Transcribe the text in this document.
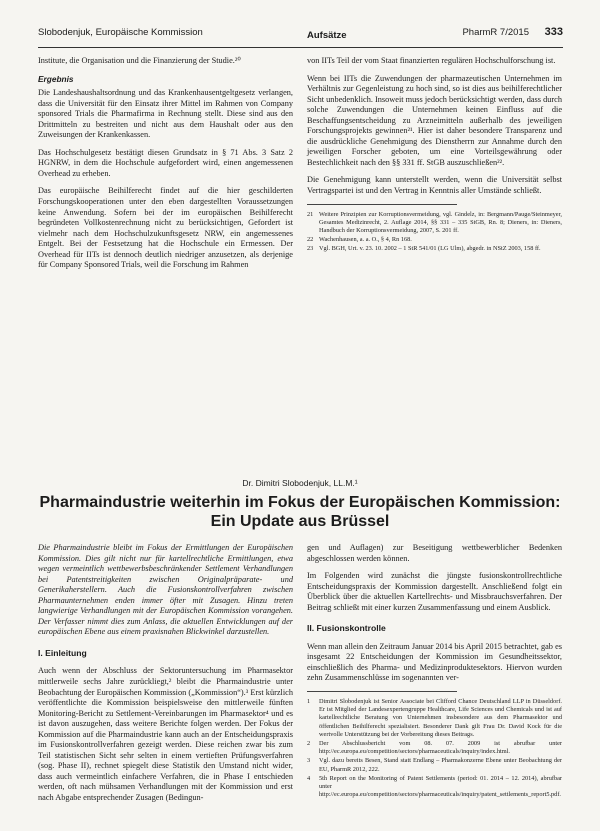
Slobodenjuk, Europäische Kommission	Aufsätze	PharmR 7/2015 333

Institute, die Organisation und die Finanzierung der Studie.²⁰

Ergebnis

Die Landeshaushaltsordnung und das Krankenhausentgeltgesetz verlangen, dass die Universität für den Einsatz ihrer Mittel im Rahmen von Company sponsored Trials die Pharmafirma in Rechnung stellt. Diese sind aus den Drittmitteln zu bestreiten und nicht aus dem Haushalt oder aus den Zuweisungen der Krankenkassen.

Das Hochschulgesetz bestätigt diesen Grundsatz in § 71 Abs. 3 Satz 2 HGNRW, in dem die Hochschule aufgefordert wird, einen angemessenen Overhead zu erheben.

Das europäische Beihilferecht findet auf die hier geschilderten Forschungskooperationen unter den eben dargestellten Voraussetzungen keine Anwendung. Sofern bei der im europäischen Beihilferecht begründeten Vollkostenrechnung nicht zu berücksichtigen, Gefordert ist vielmehr nach dem Hochschulzukunftsgesetz NRW, ein angemessenes Entgelt. Bei der Festsetzung hat die Hochschule ein Ermessen. Der Overhead für IITs ist dennoch deutlich niedriger anzusetzen, als derjenige für Company Sponsored Trials, weil die Forschung im Rahmen

von IITs Teil der vom Staat finanzierten regulären Hochschulforschung ist.

Wenn bei IITs die Zuwendungen der pharmazeutischen Unternehmen im Verhältnis zur Gegenleistung zu hoch sind, so ist dies aus beihilferechtlicher Sicht unbedenklich. Insoweit muss jedoch berücksichtigt werden, dass durch solche Zuwendungen die Unternehmen keinen Einfluss auf die Beschaffungsentscheidung zu Arzneimitteln außerhalb des jeweiligen Forschungsprojekts gewinnen²¹. Hier ist daher besondere Transparenz und die ausdrückliche Genehmigung des Dienstherrn zur Annahme durch den jeweiligen Forscher geboten, um eine Vorteilsgewährung oder Bestechlichkeit nach den §§ 331 ff. StGB auszuschließen²².

Die Genehmigung kann unterstellt werden, wenn die Universität selbst Vertragspartei ist und den Vertrag in Kenntnis aller Umstände schließt.

21 Weitere Prinzipien zur Korruptionsvermeidung, vgl. Gindelz, in: Bergmann/Pauge/Steinmeyer, Gesamtes Medizinrecht, 2. Auflage 2014, §§ 331 – 335 StGB, Rn. 8; Dieners, in: Dieners, Handbuch der Korruptionsvermeidung, 2007, S. 201 ff.
22 Wachenhausen, a. a. O., § 4, Rn 168.
23 Vgl. BGH, Urt. v. 23. 10. 2002 – 1 StR 541/01 (LG Ulm), abgedr. in NStZ 2003, 158 ff.
Dr. Dimitri Slobodenjuk, LL.M.¹
Pharmaindustrie weiterhin im Fokus der Europäischen Kommission:
Ein Update aus Brüssel

Die Pharmaindustrie bleibt im Fokus der Ermittlungen der Europäischen Kommission. Dies gilt nicht nur für kartellrechtliche Ermittlungen, etwa wegen vermeintlich wettbewerbsbeschränkender Settlement Verhandlungen bei Patentstreitigkeiten zwischen Originalpräparate- und Generikaherstellern. Auch die Fusionskontrollverfahren zwischen Pharmaunternehmen enden immer öfter mit Zusagen. Hinzu treten langwierige Verhandlungen mit der Europäischen Kommission vorangehen. Der Verfasser nimmt dies zum Anlass, die aktuellen Entwicklungen auf der europäischen Ebene aus einem praxisnahen Blickwinkel darzustellen.

I. Einleitung

Auch wenn der Abschluss der Sektoruntersuchung im Pharmasektor mittlerweile sechs Jahre zurückliegt,² bleibt die Pharmaindustrie unter Beobachtung der Europäischen Kommission („Kommission“).³ Erst kürzlich veröffentlichte die Kommission beispielsweise den mittlerweile fünften Monitoring-Bericht zu Settlement-Vereinbarungen im Pharmasektor⁴ und es ist davon auszugehen, dass weitere Berichte folgen werden. Der Fokus der Kommission auf die Pharmaindustrie kann auch an der Entscheidungspraxis im Fusionskontrollverfahren gezeigt werden. Diese reichen zwar bis zum Teil statistischen Sicht sehr selten in einem vertieften Prüfungsverfahren (sog. Phase II), rechnet spiegelt diese Statistik den Umstand nicht wider, dass auch vermeintlich einfachere Verfahren, die in Phase I entschieden werden, oft nach mühsamen Verhandlungen mit der Kommission und erst nach Abgabe entsprechender Zusagen (Bedingun-

gen und Auflagen) zur Beseitigung wettbewerblicher Bedenken abgeschlossen werden können.

Im Folgenden wird zunächst die jüngste fusionskontrollrechtliche Entscheidungspraxis der Kommission dargestellt. Anschließend folgt ein Überblick über die aktuellen Kartellrechts- und Missbrauchsverfahren. Der Beitrag schließt mit einer kurzen Zusammenfassung und einem Ausblick.

II. Fusionskontrolle

Wenn man allein den Zeitraum Januar 2014 bis April 2015 betrachtet, gab es insgesamt 22 Entscheidungen der Kommission im Gesundheitssektor, einschließlich des Pharma- und Medizinproduktesektors. Hiervon wurden zehn Zusammenschlüsse im sogenannten ver-

1	Dimitri Slobodenjuk ist Senior Associate bei Clifford Chance Deutschland LLP in Düsseldorf. Er ist Mitglied der Landesexpertengruppe Healthcare, Life Sciences und Chemicals und ist auf kartellrechtliche Beratung von Unternehmen insbesondere aus dem Pharmasektor und öffentlichen Beihilferecht spezialisiert. Besonderer Dank gilt Frau Dr. David Kock für die wertvolle Unterstützung bei der Vorbereitung dieses Beitrags.
2	Der Abschlussbericht vom 08. 07. 2009 ist abrufbar unter http://ec.europa.eu/competition/sectors/pharmaceuticals/inquiry/index.html.
3	Vgl. dazu bereits Besen, Stand statt Endlang – Pharmakonzerne Ebene unter Beobachtung der EU, PharmR 2012, 222.
4	5th Report on the Monitoring of Patent Settlements (period: 01. 2014 – 12. 2014), abrufbar unter http://ec.europa.eu/competition/sectors/pharmaceuticals/inquiry/patent_settlements_report5.pdf.
